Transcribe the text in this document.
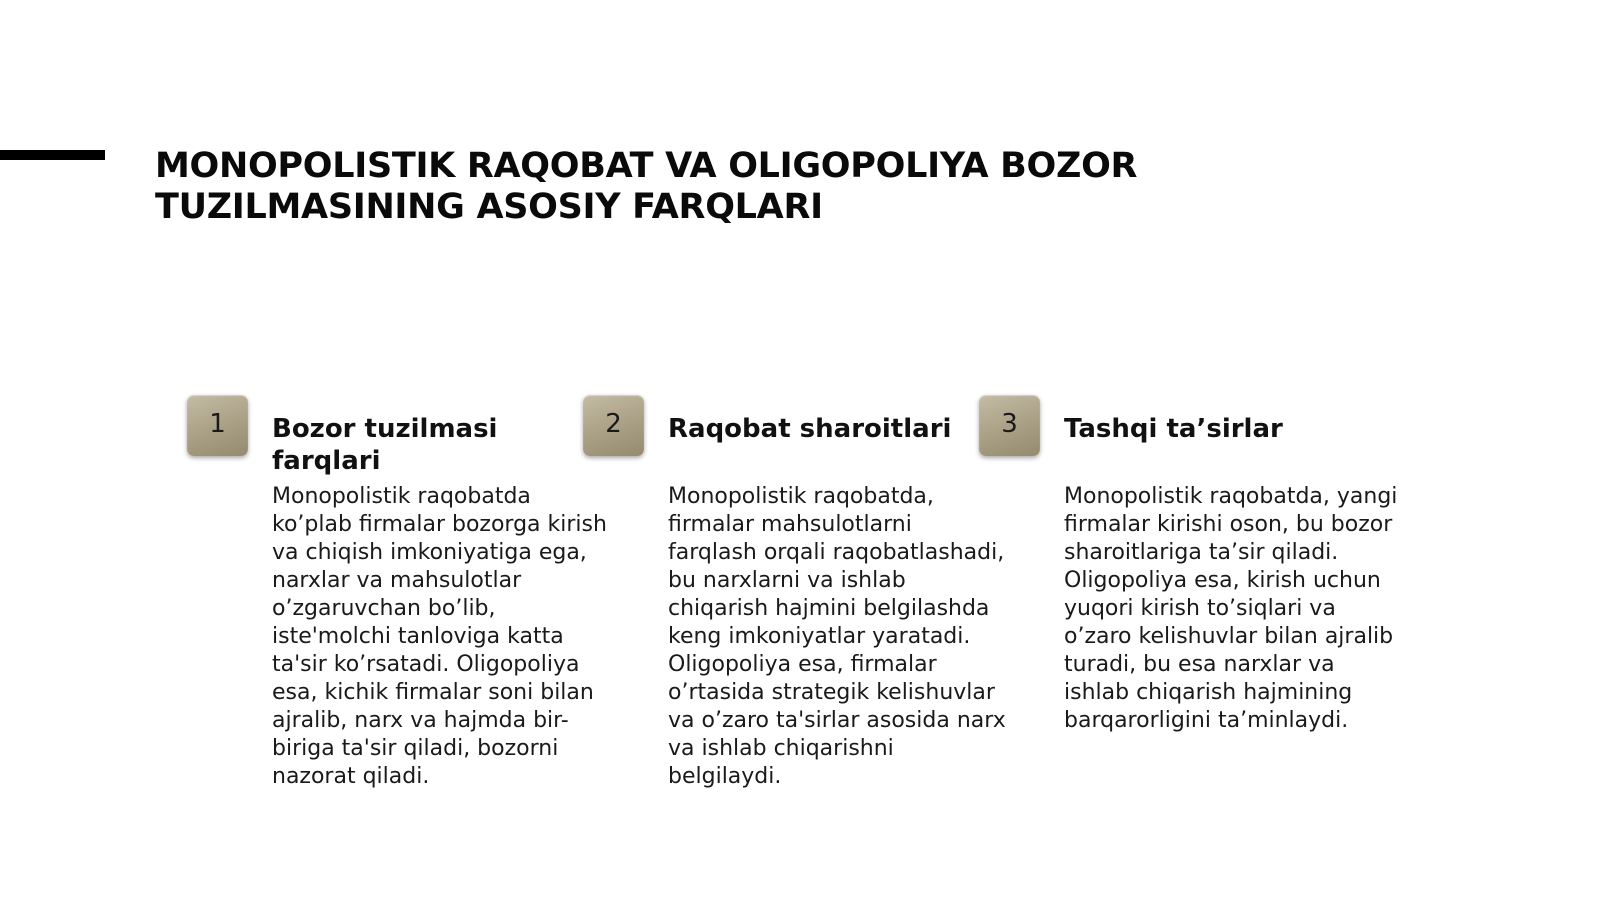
MONOPOLISTIK RAQOBAT VA OLIGOPOLIYA BOZOR
TUZILMASINING ASOSIY FARQLARI
1 Bozor tuzilmasi farqlari

Monopolistik raqobatda
ko’plab firmalar bozorga kirish
va chiqish imkoniyatiga ega,
narxlar va mahsulotlar
o’zgaruvchan bo’lib,
iste'molchi tanloviga katta
ta'sir ko’rsatadi. Oligopoliya
esa, kichik firmalar soni bilan
ajralib, narx va hajmda bir-
biriga ta'sir qiladi, bozorni
nazorat qiladi.

2 Raqobat sharoitlari

Monopolistik raqobatda,
firmalar mahsulotlarni
farqlash orqali raqobatlashadi,
bu narxlarni va ishlab
chiqarish hajmini belgilashda
keng imkoniyatlar yaratadi.
Oligopoliya esa, firmalar
o’rtasida strategik kelishuvlar
va o’zaro ta'sirlar asosida narx
va ishlab chiqarishni
belgilaydi.

3 Tashqi ta’sirlar

Monopolistik raqobatda, yangi
firmalar kirishi oson, bu bozor
sharoitlariga ta’sir qiladi.
Oligopoliya esa, kirish uchun
yuqori kirish to’siqlari va
o’zaro kelishuvlar bilan ajralib
turadi, bu esa narxlar va
ishlab chiqarish hajmining
barqarorligini ta’minlaydi.
